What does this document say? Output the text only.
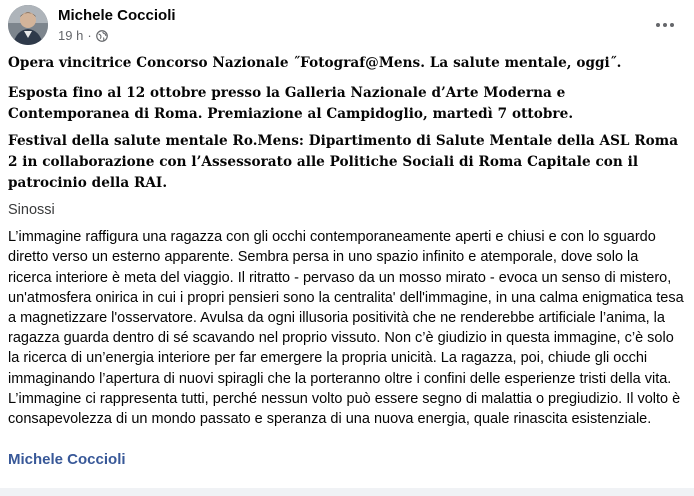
Michele Coccioli
19 h ·

Opera vincitrice Concorso Nazionale ˝Fotograf@Mens. La salute mentale, oggi˝.

Esposta fino al 12 ottobre presso la Galleria Nazionale d’Arte Moderna e Contemporanea di Roma. Premiazione al Campidoglio, martedì 7 ottobre.

Festival della salute mentale Ro.Mens: Dipartimento di Salute Mentale della ASL Roma 2 in collaborazione con l’Assessorato alle Politiche Sociali di Roma Capitale con il patrocinio della RAI.

Sinossi

L’immagine raffigura una ragazza con gli occhi contemporaneamente aperti e chiusi e con lo sguardo diretto verso un esterno apparente. Sembra persa in uno spazio infinito e atemporale, dove solo la ricerca interiore è meta del viaggio. Il ritratto - pervaso da un mosso mirato - evoca un senso di mistero, un'atmosfera onirica in cui i propri pensieri sono la centralita' dell'immagine, in una calma enigmatica tesa a magnetizzare l'osservatore. Avulsa da ogni illusoria positività che ne renderebbe artificiale l’anima, la ragazza guarda dentro di sé scavando nel proprio vissuto. Non c’è giudizio in questa immagine, c’è solo la ricerca di un’energia interiore per far emergere la propria unicità. La ragazza, poi, chiude gli occhi immaginando l’apertura di nuovi spiragli che la porteranno oltre i confini delle esperienze tristi della vita. L’immagine ci rappresenta tutti, perché nessun volto può essere segno di malattia o pregiudizio. Il volto è consapevolezza di un mondo passato e speranza di una nuova energia, quale rinascita esistenziale.

Michele Coccioli
